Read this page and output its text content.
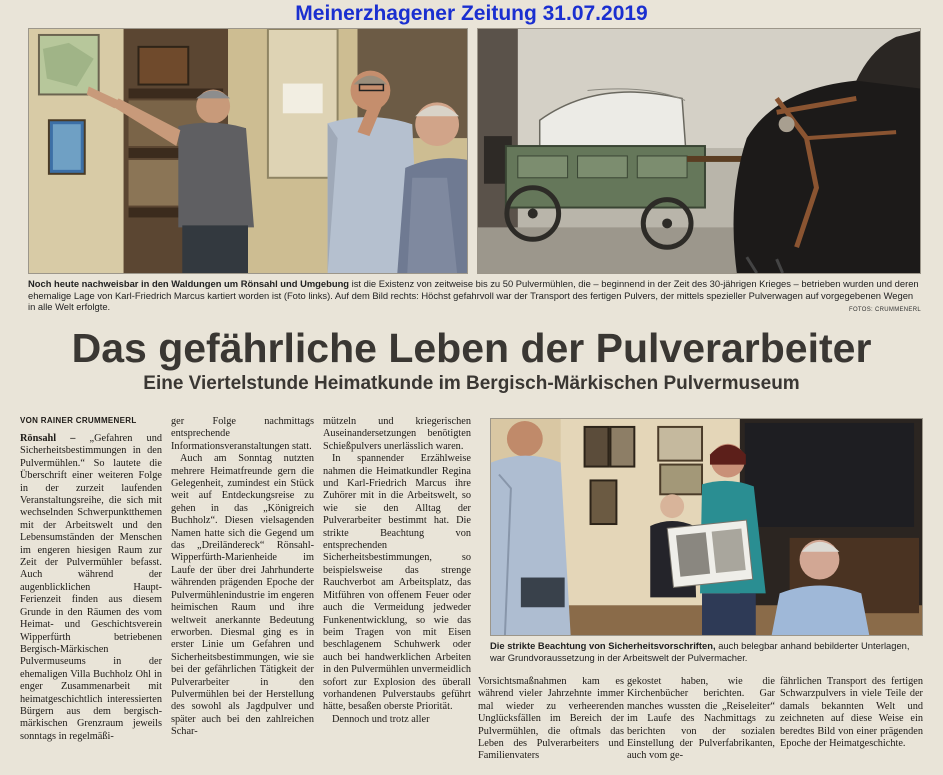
Meinerzhagener Zeitung 31.07.2019

Noch heute nachweisbar in den Waldungen um Rönsahl und Umgebung ist die Existenz von zeitweise bis zu 50 Pulvermühlen, die – beginnend in der Zeit des 30-jährigen Krieges – betrieben wurden und deren ehemalige Lage von Karl-Friedrich Marcus kartiert worden ist (Foto links). Auf dem Bild rechts: Höchst gefahrvoll war der Transport des fertigen Pulvers, der mittels spezieller Pulverwagen auf vorgegebenen Wegen in alle Welt erfolgte.	FOTOS: CRUMMENERL
Das gefährliche Leben der Pulverarbeiter
Eine Viertelstunde Heimatkunde im Bergisch-Märkischen Pulvermuseum
VON RAINER CRUMMENERL

Rönsahl – „Gefahren und Sicherheitsbestimmungen in den Pulvermühlen.“ So lautete die Überschrift einer weiteren Folge in der zurzeit laufenden Veranstaltungsreihe, die sich mit wechselnden Schwerpunktthemen mit der Arbeitswelt und den Lebensumständen der Menschen im engeren hiesigen Raum zur Zeit der Pulvermühler befasst. Auch während der augenblicklichen Haupt-Ferienzeit finden aus diesem Grunde in den Räumen des vom Heimat- und Geschichtsverein Wipperfürth betriebenen Bergisch-Märkischen Pulvermuseums in der ehemaligen Villa Buchholz Ohl in enger Zusammenarbeit mit heimatgeschichtlich interessierten Bürgern aus dem bergisch-märkischen Grenzraum jeweils sonntags in regelmäßi-

ger Folge nachmittags entsprechende Informationsveranstaltungen statt.

Auch am Sonntag nutzten mehrere Heimatfreunde gern die Gelegenheit, zumindest ein Stück weit auf Entdeckungsreise zu gehen in das „Königreich Buchholz“. Diesen vielsagenden Namen hatte sich die Gegend um das „Dreiländereck“ Rönsahl-Wipperfürth-Marienheide im Laufe der über drei Jahrhunderte währenden prägenden Epoche der Pulvermühlenindustrie im engeren heimischen Raum und ihre weltweit anerkannte Bedeutung erworben. Diesmal ging es in erster Linie um Gefahren und Sicherheitsbestimmungen, wie sie bei der gefährlichen Tätigkeit der Pulverarbeiter in den Pulvermühlen bei der Herstellung des sowohl als Jagdpulver und später auch bei den zahlreichen Schar-

mützeln und kriegerischen Auseinandersetzungen benötigten Schießpulvers unerlässlich waren.

In spannender Erzählweise nahmen die Heimatkundler Regina und Karl-Friedrich Marcus ihre Zuhörer mit in die Arbeitswelt, so wie sie den Alltag der Pulverarbeiter bestimmt hat. Die strikte Beachtung von entsprechenden Sicherheitsbestimmungen, so beispielsweise das strenge Rauchverbot am Arbeitsplatz, das Mitführen von offenem Feuer oder auch die Vermeidung jedweder Funkenentwicklung, so wie das beim Tragen von mit Eisen beschlagenem Schuhwerk oder auch bei handwerklichen Arbeiten in den Pulvermühlen unvermeidlich sofort zur Explosion des überall vorhandenen Pulverstaubs geführt hätte, besaßen oberste Priorität.

Dennoch und trotz aller

Die strikte Beachtung von Sicherheitsvorschriften, auch belegbar anhand bebilderter Unterlagen, war Grundvoraussetzung in der Arbeitswelt der Pulvermacher.

Vorsichtsmaßnahmen kam es während vieler Jahrzehnte immer mal wieder zu verheerenden Unglücksfällen im Bereich der Pulvermühlen, die oftmals das Leben des Pulverarbeiters und Familienvaters

gekostet haben, wie die Kirchenbücher berichten. Gar manches wussten die „Reiseleiter“ im Laufe des Nachmittags zu berichten von der sozialen Einstellung der Pulverfabrikanten, auch vom ge-

fährlichen Transport des fertigen Schwarzpulvers in viele Teile der damals bekannten Welt und zeichneten auf diese Weise ein beredtes Bild von einer prägenden Epoche der Heimatgeschichte.
